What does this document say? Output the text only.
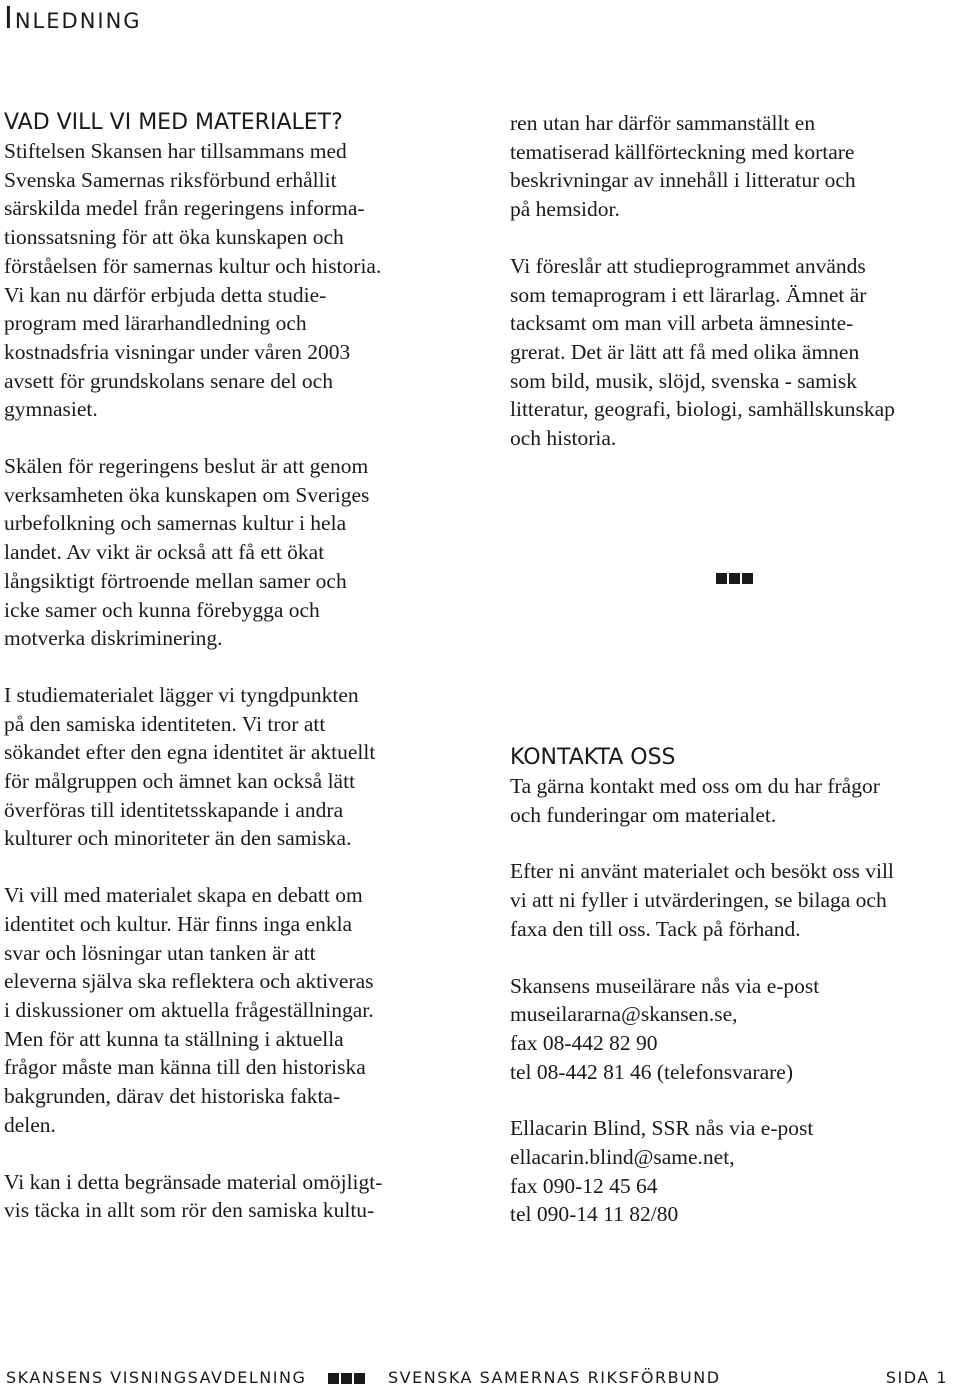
Inledning
VAD VILL VI MED MATERIALET?

Stiftelsen Skansen har tillsammans med
Svenska Samernas riksförbund erhållit
särskilda medel från regeringens informa-
tionssatsning för att öka kunskapen och
förståelsen för samernas kultur och historia.
Vi kan nu därför erbjuda detta studie-
program med lärarhandledning och
kostnadsfria visningar under våren 2003
avsett för grundskolans senare del och
gymnasiet.

Skälen för regeringens beslut är att genom
verksamheten öka kunskapen om Sveriges
urbefolkning och samernas kultur i hela
landet. Av vikt är också att få ett ökat
långsiktigt förtroende mellan samer och
icke samer och kunna förebygga och
motverka diskriminering.

I studiematerialet lägger vi tyngdpunkten
på den samiska identiteten. Vi tror att
sökandet efter den egna identitet är aktuellt
för målgruppen och ämnet kan också lätt
överföras till identitetsskapande i andra
kulturer och minoriteter än den samiska.

Vi vill med materialet skapa en debatt om
identitet och kultur. Här finns inga enkla
svar och lösningar utan tanken är att
eleverna själva ska reflektera och aktiveras
i diskussioner om aktuella frågeställningar.
Men för att kunna ta ställning i aktuella
frågor måste man känna till den historiska
bakgrunden, därav det historiska fakta-
delen.

Vi kan i detta begränsade material omöjligt-
vis täcka in allt som rör den samiska kultu-

ren utan har därför sammanställt en
tematiserad källförteckning med kortare
beskrivningar av innehåll i litteratur och
på hemsidor.

Vi föreslår att studieprogrammet används
som temaprogram i ett lärarlag. Ämnet är
tacksamt om man vill arbeta ämnesinte-
grerat. Det är lätt att få med olika ämnen
som bild, musik, slöjd, svenska - samisk
litteratur, geografi, biologi, samhällskunskap
och historia.

KONTAKTA OSS

Ta gärna kontakt med oss om du har frågor
och funderingar om materialet.

Efter ni använt materialet och besökt oss vill
vi att ni fyller i utvärderingen, se bilaga och
faxa den till oss. Tack på förhand.

Skansens museilärare nås via e-post
museilararna@skansen.se,
fax 08-442 82 90
tel 08-442 81 46 (telefonsvarare)

Ellacarin Blind, SSR nås via e-post
ellacarin.blind@same.net,
fax 090-12 45 64
tel 090-14 11 82/80

SKANSENS VISNINGSAVDELNING	SVENSKA SAMERNAS RIKSFÖRBUND	SIDA 1
